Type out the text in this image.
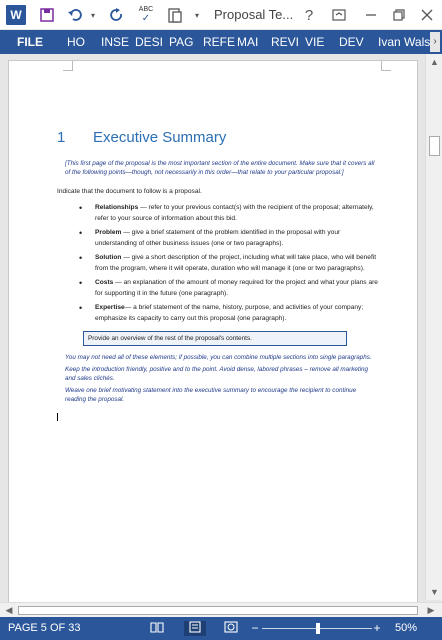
W	▾
ABC
✓	▾ Proposal Te... ?
FILE	HO	INSE DESI PAG REFE MAI	REVI VIE	DEV	Ivan Wals ›
1 Executive Summary
[This first page of the proposal is the most important section of the entire document. Make sure that it covers all of the following points—though, not necessarily in this order—that relate to your particular proposal:]
Indicate that the document to follow is a proposal.
• Relationships — refer to your previous contact(s) with the recipient of the proposal; alternately, refer to your source of information about this bid.
• Problem — give a brief statement of the problem identified in the proposal with your understanding of other business issues (one or two paragraphs).
• Solution — give a short description of the project, including what will take place, who will benefit from the program, where it will operate, duration who will manage it (one or two paragraphs).
• Costs — an explanation of the amount of money required for the project and what your plans are for supporting it in the future (one paragraph).
• Expertise— a brief statement of the name, history, purpose, and activities of your company; emphasize its capacity to carry out this proposal (one paragraph).
Provide an overview of the rest of the proposal's contents.

You may not need all of these elements; if possible, you can combine multiple sections into single paragraphs.

Keep the introduction friendly, positive and to the point. Avoid dense, labored phrases – remove all marketing and sales clichés.

Weave one brief motivating statement into the executive summary to encourage the recipient to continue reading the proposal.

▲
▼
◀	▶
PAGE 5 OF 33	−	+	50%
